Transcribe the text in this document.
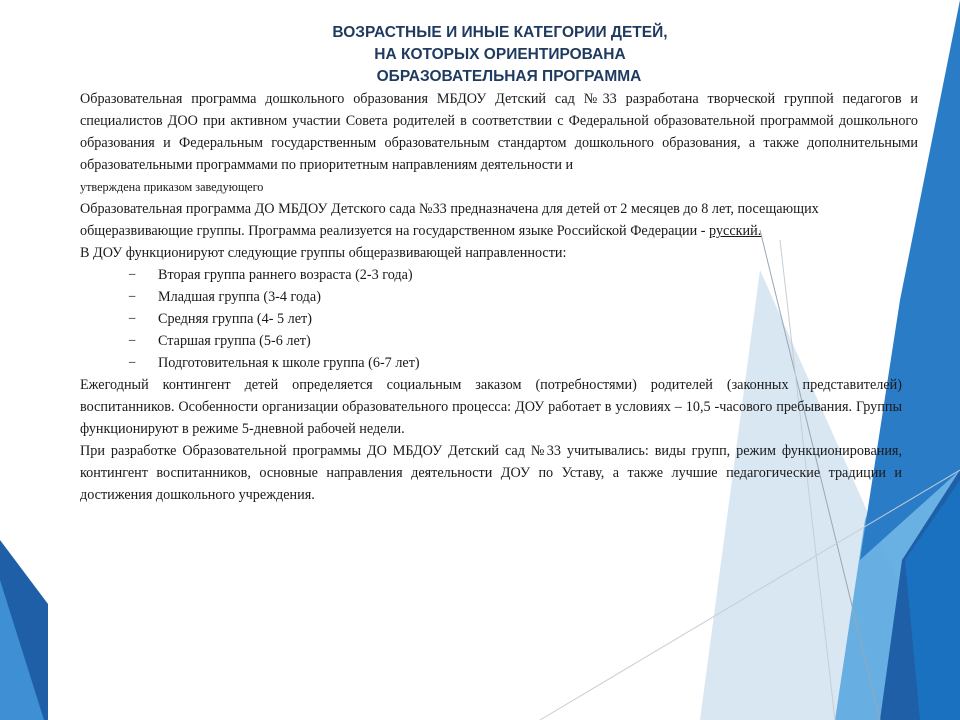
ВОЗРАСТНЫЕ И ИНЫЕ КАТЕГОРИИ ДЕТЕЙ,
НА КОТОРЫХ ОРИЕНТИРОВАНА
ОБРАЗОВАТЕЛЬНАЯ ПРОГРАММА

Образовательная программа дошкольного образования МБДОУ Детский сад №33 разработана творческой группой педагогов и специалистов ДОО при активном участии Совета родителей в соответствии с Федеральной образовательной программой дошкольного образования и Федеральным государственным образовательным стандартом дошкольного образования, а также дополнительными образовательными программами по приоритетным направлениям деятельности и

утверждена приказом заведующего

Образовательная программа ДО МБДОУ Детского сада №33 предназначена для детей от 2 месяцев до 8 лет, посещающих общеразвивающие группы. Программа реализуется на государственном языке Российской Федерации - русский.

В ДОУ функционируют следующие группы общеразвивающей направленности:

− Вторая группа раннего возраста (2-3 года)
− Младшая группа (3-4 года)
− Средняя группа (4- 5 лет)
− Старшая группа (5-6 лет)
− Подготовительная к школе группа (6-7 лет)

Ежегодный контингент детей определяется социальным заказом (потребностями) родителей (законных представителей) воспитанников. Особенности организации образовательного процесса: ДОУ работает в условиях – 10,5 -часового пребывания. Группы функционируют в режиме 5-дневной рабочей недели.

При разработке Образовательной программы ДО МБДОУ Детский сад №33 учитывались: виды групп, режим функционирования, контингент воспитанников, основные направления деятельности ДОУ по Уставу, а также лучшие педагогические традиции и достижения дошкольного учреждения.
